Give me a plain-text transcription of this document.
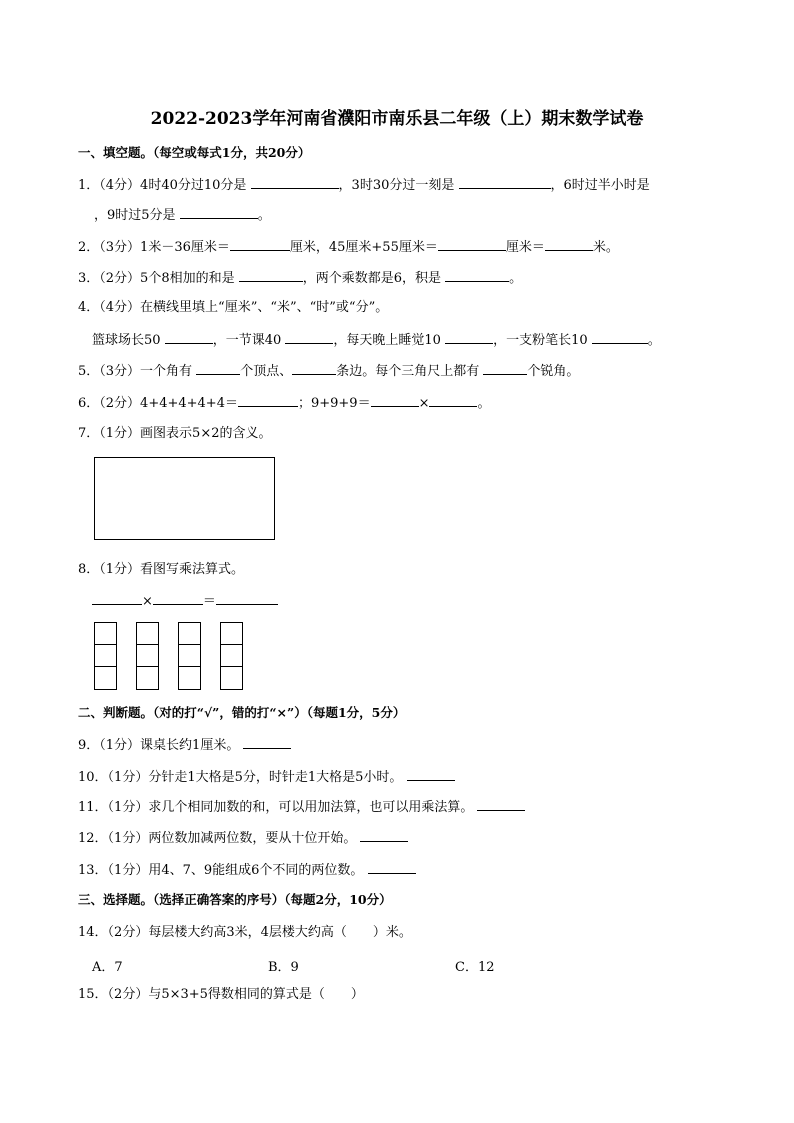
2022-2023学年河南省濮阳市南乐县二年级（上）期末数学试卷
一、填空题。（每空或每式1分，共20分）
1．（4分）4时40分过10分是	，3时30分过一刻是	，6时过半小时是
，9时过5分是	。
2．（3分）1米－36厘米＝	厘米，45厘米+55厘米＝	厘米＝	米。
3．（2分）5个8相加的和是	，两个乘数都是6，积是	。
4．（4分）在横线里填上“厘米”、“米”、“时”或“分”。
篮球场长50	，一节课40	，每天晚上睡觉10	，一支粉笔长10	。
5．（3分）一个角有	个顶点、	条边。每个三角尺上都有	个锐角。
6．（2分）4+4+4+4+4＝	；9+9+9＝	×	。
7．（1分）画图表示5×2的含义。
8．（1分）看图写乘法算式。
×	＝
二、判断题。（对的打“√”，错的打“×”）（每题1分，5分）
9．（1分）课桌长约1厘米。
10．（1分）分针走1大格是5分，时针走1大格是5小时。
11．（1分）求几个相同加数的和，可以用加法算，也可以用乘法算。
12．（1分）两位数加减两位数，要从十位开始。
13．（1分）用4、7、9能组成6个不同的两位数。
三、选择题。（选择正确答案的序号）（每题2分，10分）
14．（2分）每层楼大约高3米，4层楼大约高（　　）米。
A．7	B．9	C．12
15．（2分）与5×3+5得数相同的算式是（　　）
